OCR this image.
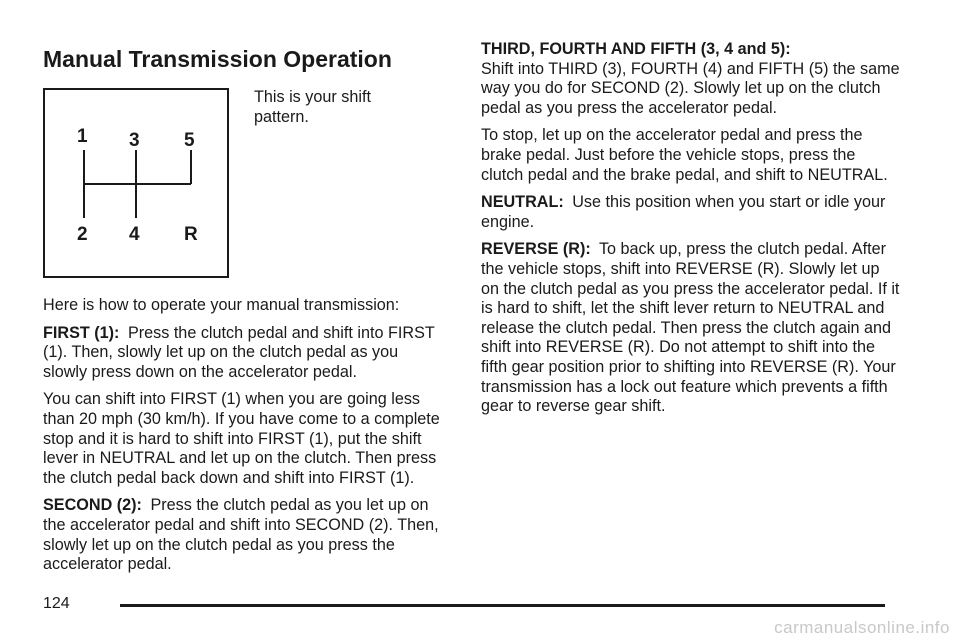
Manual Transmission Operation
1 3 5
2 4 R

This is your shift pattern.

Here is how to operate your manual transmission:

FIRST (1): Press the clutch pedal and shift into FIRST (1). Then, slowly let up on the clutch pedal as you slowly press down on the accelerator pedal.

You can shift into FIRST (1) when you are going less than 20 mph (30 km/h). If you have come to a complete stop and it is hard to shift into FIRST (1), put the shift lever in NEUTRAL and let up on the clutch. Then press the clutch pedal back down and shift into FIRST (1).

SECOND (2): Press the clutch pedal as you let up on the accelerator pedal and shift into SECOND (2). Then, slowly let up on the clutch pedal as you press the accelerator pedal.

THIRD, FOURTH AND FIFTH (3, 4 and 5):
Shift into THIRD (3), FOURTH (4) and FIFTH (5) the same way you do for SECOND (2). Slowly let up on the clutch pedal as you press the accelerator pedal.

To stop, let up on the accelerator pedal and press the brake pedal. Just before the vehicle stops, press the clutch pedal and the brake pedal, and shift to NEUTRAL.

NEUTRAL: Use this position when you start or idle your engine.

REVERSE (R): To back up, press the clutch pedal. After the vehicle stops, shift into REVERSE (R). Slowly let up on the clutch pedal as you press the accelerator pedal. If it is hard to shift, let the shift lever return to NEUTRAL and release the clutch pedal. Then press the clutch again and shift into REVERSE (R). Do not attempt to shift into the fifth gear position prior to shifting into REVERSE (R). Your transmission has a lock out feature which prevents a fifth gear to reverse gear shift.

124
carmanualsonline.info
